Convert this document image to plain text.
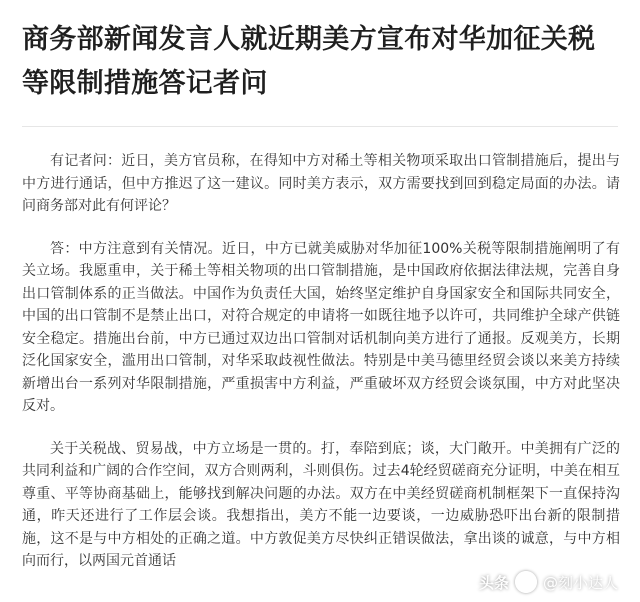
商务部新闻发言人就近期美方宣布对华加征关税等限制措施答记者问

有记者问：近日，美方官员称，在得知中方对稀土等相关物项采取出口管制措施后，提出与中方进行通话，但中方推迟了这一建议。同时美方表示，双方需要找到回到稳定局面的办法。请问商务部对此有何评论？

答：中方注意到有关情况。近日，中方已就美威胁对华加征100%关税等限制措施阐明了有关立场。我愿重申，关于稀土等相关物项的出口管制措施，是中国政府依据法律法规，完善自身出口管制体系的正当做法。中国作为负责任大国，始终坚定维护自身国家安全和国际共同安全，中国的出口管制不是禁止出口，对符合规定的申请将一如既往地予以许可，共同维护全球产供链安全稳定。措施出台前，中方已通过双边出口管制对话机制向美方进行了通报。反观美方，长期泛化国家安全，滥用出口管制，对华采取歧视性做法。特别是中美马德里经贸会谈以来美方持续新增出台一系列对华限制措施，严重损害中方利益，严重破坏双方经贸会谈氛围，中方对此坚决反对。

关于关税战、贸易战，中方立场是一贯的。打，奉陪到底；谈，大门敞开。中美拥有广泛的共同利益和广阔的合作空间，双方合则两利，斗则俱伤。过去4轮经贸磋商充分证明，中美在相互尊重、平等协商基础上，能够找到解决问题的办法。双方在中美经贸磋商机制框架下一直保持沟通，昨天还进行了工作层会谈。我想指出，美方不能一边要谈，一边威胁恐吓出台新的限制措施，这不是与中方相处的正确之道。中方敦促美方尽快纠正错误做法，拿出谈的诚意，与中方相向而行，以两国元首通话

头条 @刻小达人
